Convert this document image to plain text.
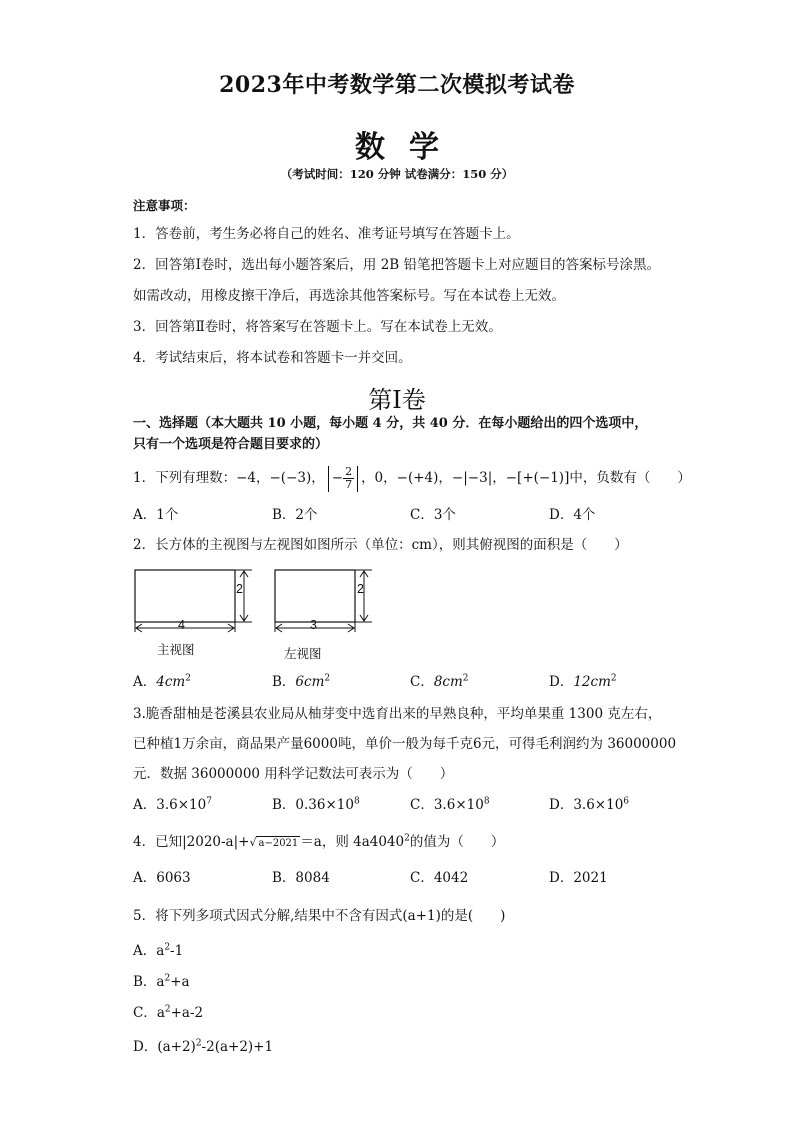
2023年中考数学第二次模拟考试卷
数学
（考试时间：120 分钟 试卷满分：150 分）
注意事项：
1．答卷前，考生务必将自己的姓名、准考证号填写在答题卡上。
2．回答第Ⅰ卷时，选出每小题答案后，用 2B 铅笔把答题卡上对应题目的答案标号涂黑。
如需改动，用橡皮擦干净后，再选涂其他答案标号。写在本试卷上无效。
3．回答第Ⅱ卷时，将答案写在答题卡上。写在本试卷上无效。
4．考试结束后，将本试卷和答题卡一并交回。
第Ⅰ卷
一、选择题（本大题共 10 小题，每小题 4 分，共 40 分．在每小题给出的四个选项中，
只有一个选项是符合题目要求的）
1．下列有理数：−4，−(−3)， − $\frac{2}{7}$ ，0，−(+4)，−|−3|，−[+(−1)]中，负数有（　　）
A．1个	B．2个	C．3个	D．4个
2．长方体的主视图与左视图如图所示（单位：cm），则其俯视图的面积是（　　）
4
2
3
2
主视图	左视图
A．$4cm^2$	B．$6cm^2$	C．$8cm^2$	D．$12cm^2$
3.脆香甜柚是苍溪县农业局从柚芽变中选育出来的早熟良种，平均单果重 1300 克左右，
已种植1万余亩，商品果产量6000吨，单价一般为每千克6元，可得毛利润约为 36000000
元．数据 36000000 用科学记数法可表示为（　　）
A．$3.6\times 10^7$	B．$0.36\times 10^8$	C．$3.6\times 10^8$	D．$3.6\times 10^6$
4．已知|2020-a|+√ a−2021 ＝a，则 4a4040$^2$的值为（　　）
A．6063	B．8084	C．4042	D．2021
5．将下列多项式因式分解,结果中不含有因式(a+1)的是(　　)
A．$a^2-1$
B．$a^2+a$
C．$a^2+a-2$
D．$(a+2)^2-2(a+2)+1$
